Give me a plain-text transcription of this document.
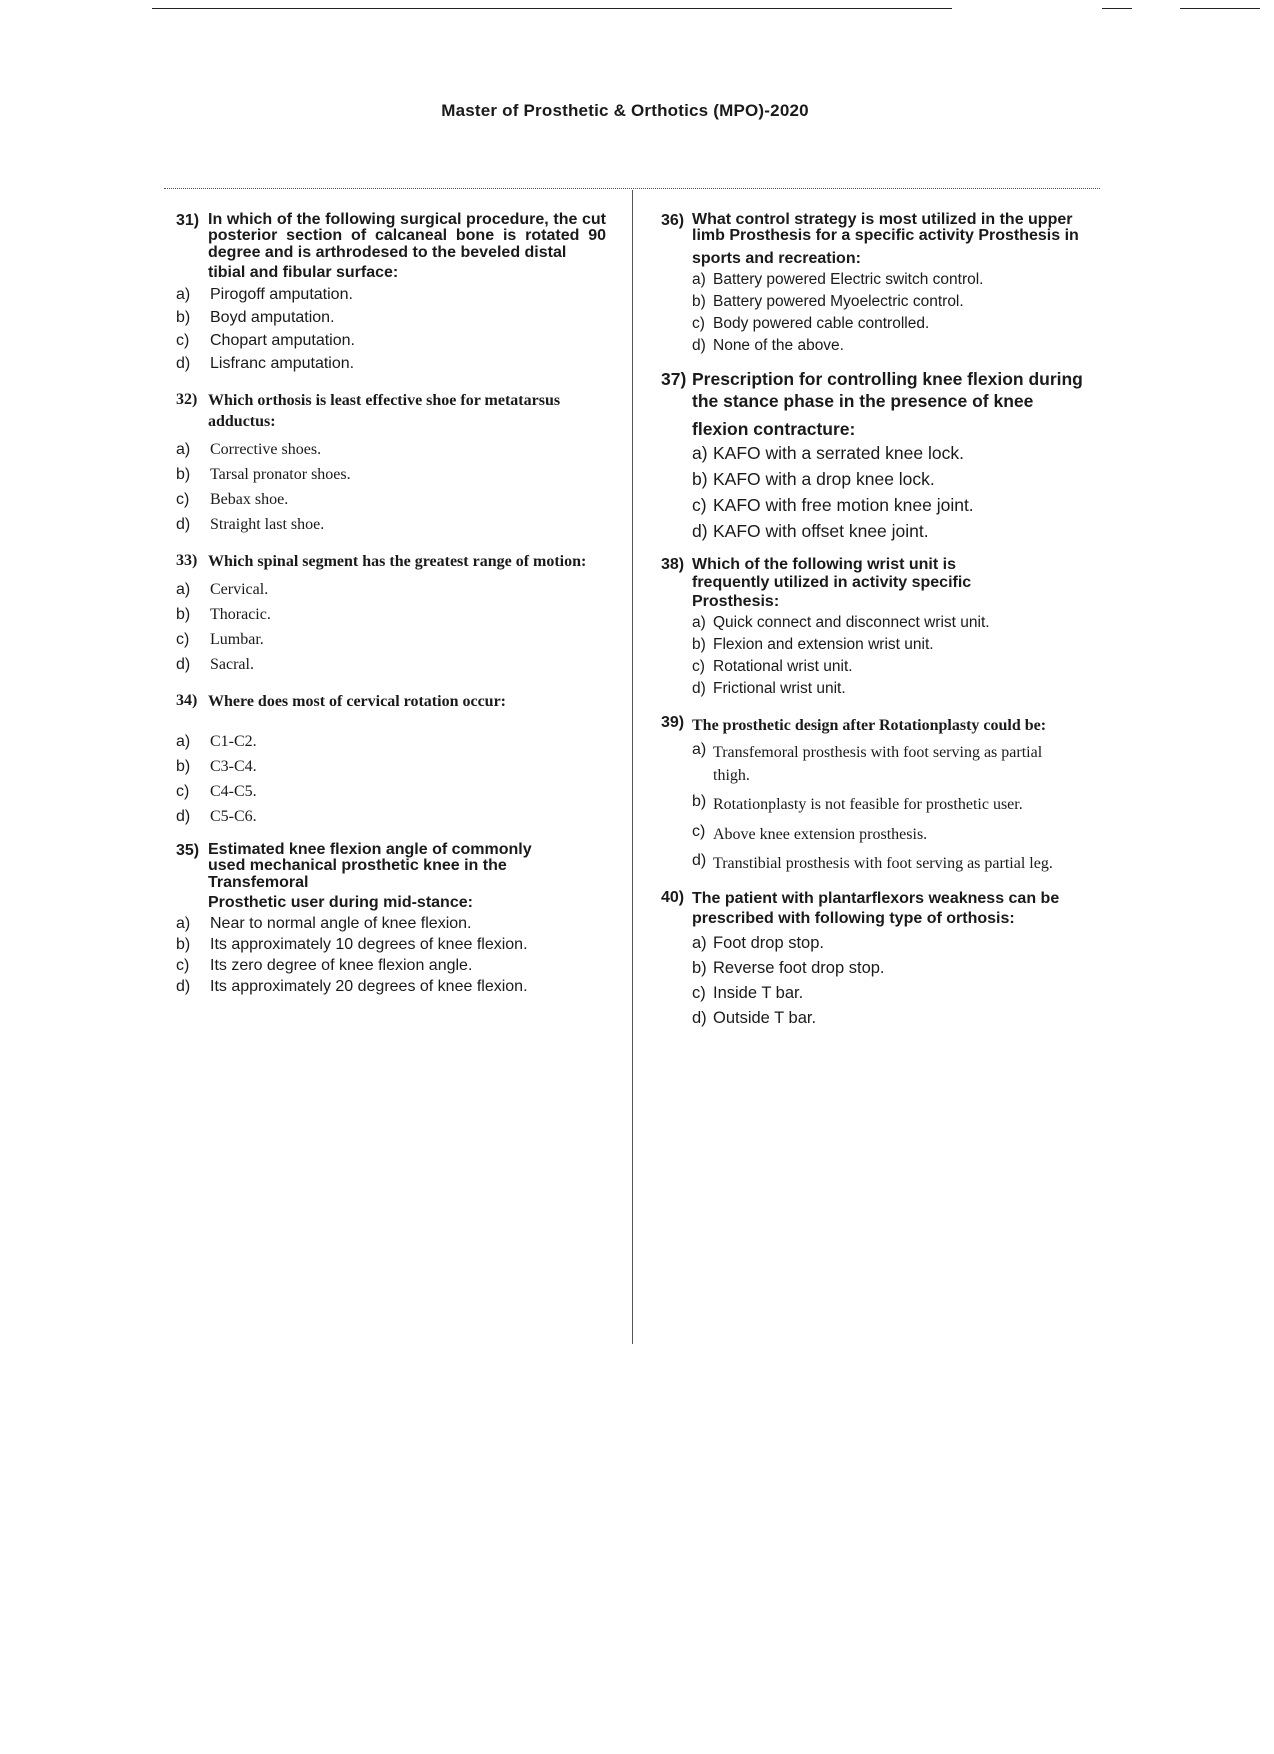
Master of Prosthetic & Orthotics (MPO)-2020
31) In which of the following surgical procedure, the cut posterior section of calcaneal bone is rotated 90 degree and is arthrodesed to the beveled distal
tibial and fibular surface:
a) Pirogoff amputation.
b) Boyd amputation.
c) Chopart amputation.
d) Lisfranc amputation.
32) Which orthosis is least effective shoe for metatarsus adductus:
a) Corrective shoes.
b) Tarsal pronator shoes.
c) Bebax shoe.
d) Straight last shoe.
33) Which spinal segment has the greatest range of motion:
a) Cervical.
b) Thoracic.
c) Lumbar.
d) Sacral.
34) Where does most of cervical rotation occur:
a) C1-C2.
b) C3-C4.
c) C4-C5.
d) C5-C6.
35) Estimated knee flexion angle of commonly used mechanical prosthetic knee in the Transfemoral
Prosthetic user during mid-stance:
a) Near to normal angle of knee flexion.
b) Its approximately 10 degrees of knee flexion.
c) Its zero degree of knee flexion angle.
d) Its approximately 20 degrees of knee flexion.
36) What control strategy is most utilized in the upper limb Prosthesis for a specific activity Prosthesis in
sports and recreation:
a) Battery powered Electric switch control.
b) Battery powered Myoelectric control.
c) Body powered cable controlled.
d) None of the above.
37) Prescription for controlling knee flexion during the stance phase in the presence of knee
flexion contracture:
a) KAFO with a serrated knee lock.
b) KAFO with a drop knee lock.
c) KAFO with free motion knee joint.
d) KAFO with offset knee joint.
38) Which of the following wrist unit is frequently utilized in activity specific Prosthesis:
a) Quick connect and disconnect wrist unit.
b) Flexion and extension wrist unit.
c) Rotational wrist unit.
d) Frictional wrist unit.
39) The prosthetic design after Rotationplasty could be:
a) Transfemoral prosthesis with foot serving as partial thigh.
b) Rotationplasty is not feasible for prosthetic user.
c) Above knee extension prosthesis.
d) Transtibial prosthesis with foot serving as partial leg.
40) The patient with plantarflexors weakness can be prescribed with following type of orthosis:
a) Foot drop stop.
b) Reverse foot drop stop.
c) Inside T bar.
d) Outside T bar.
